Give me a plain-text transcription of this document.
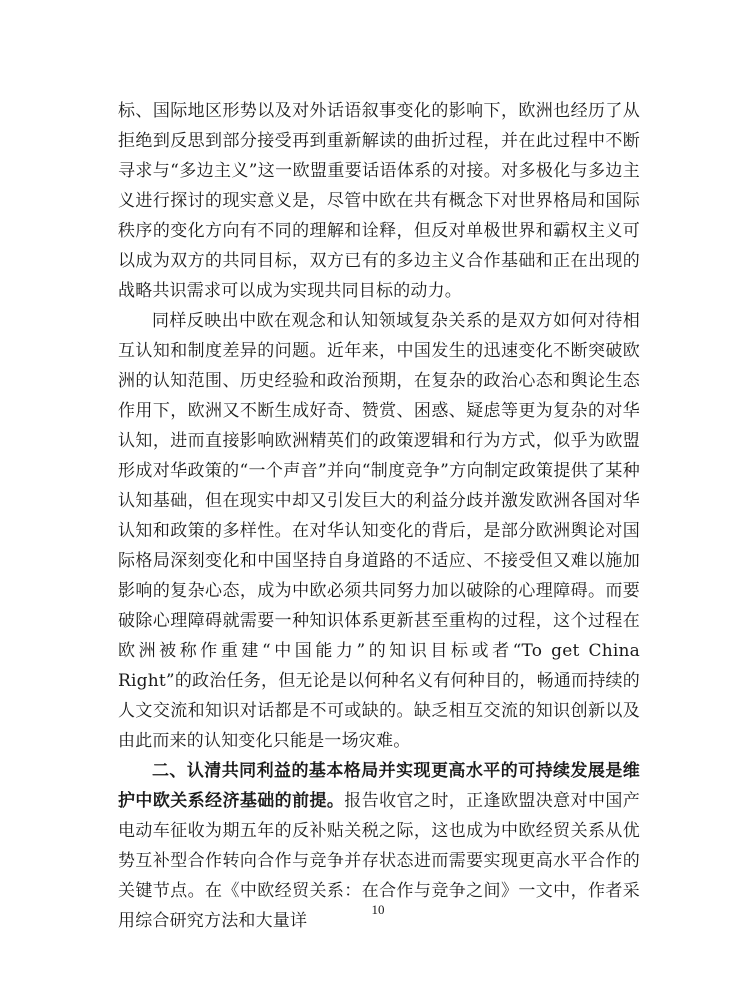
标、国际地区形势以及对外话语叙事变化的影响下，欧洲也经历了从拒绝到反思到部分接受再到重新解读的曲折过程，并在此过程中不断寻求与“多边主义”这一欧盟重要话语体系的对接。对多极化与多边主义进行探讨的现实意义是，尽管中欧在共有概念下对世界格局和国际秩序的变化方向有不同的理解和诠释，但反对单极世界和霸权主义可以成为双方的共同目标，双方已有的多边主义合作基础和正在出现的战略共识需求可以成为实现共同目标的动力。

同样反映出中欧在观念和认知领域复杂关系的是双方如何对待相互认知和制度差异的问题。近年来，中国发生的迅速变化不断突破欧洲的认知范围、历史经验和政治预期，在复杂的政治心态和舆论生态作用下，欧洲又不断生成好奇、赞赏、困惑、疑虑等更为复杂的对华认知，进而直接影响欧洲精英们的政策逻辑和行为方式，似乎为欧盟形成对华政策的“一个声音”并向“制度竞争”方向制定政策提供了某种认知基础，但在现实中却又引发巨大的利益分歧并激发欧洲各国对华认知和政策的多样性。在对华认知变化的背后，是部分欧洲舆论对国际格局深刻变化和中国坚持自身道路的不适应、不接受但又难以施加影响的复杂心态，成为中欧必须共同努力加以破除的心理障碍。而要破除心理障碍就需要一种知识体系更新甚至重构的过程，这个过程在欧洲被称作重建“中国能力”的知识目标或者“To get China Right”的政治任务，但无论是以何种名义有何种目的，畅通而持续的人文交流和知识对话都是不可或缺的。缺乏相互交流的知识创新以及由此而来的认知变化只能是一场灾难。

二、认清共同利益的基本格局并实现更高水平的可持续发展是维护中欧关系经济基础的前提。报告收官之时，正逢欧盟决意对中国产电动车征收为期五年的反补贴关税之际，这也成为中欧经贸关系从优势互补型合作转向合作与竞争并存状态进而需要实现更高水平合作的关键节点。在《中欧经贸关系：在合作与竞争之间》一文中，作者采用综合研究方法和大量详

10
